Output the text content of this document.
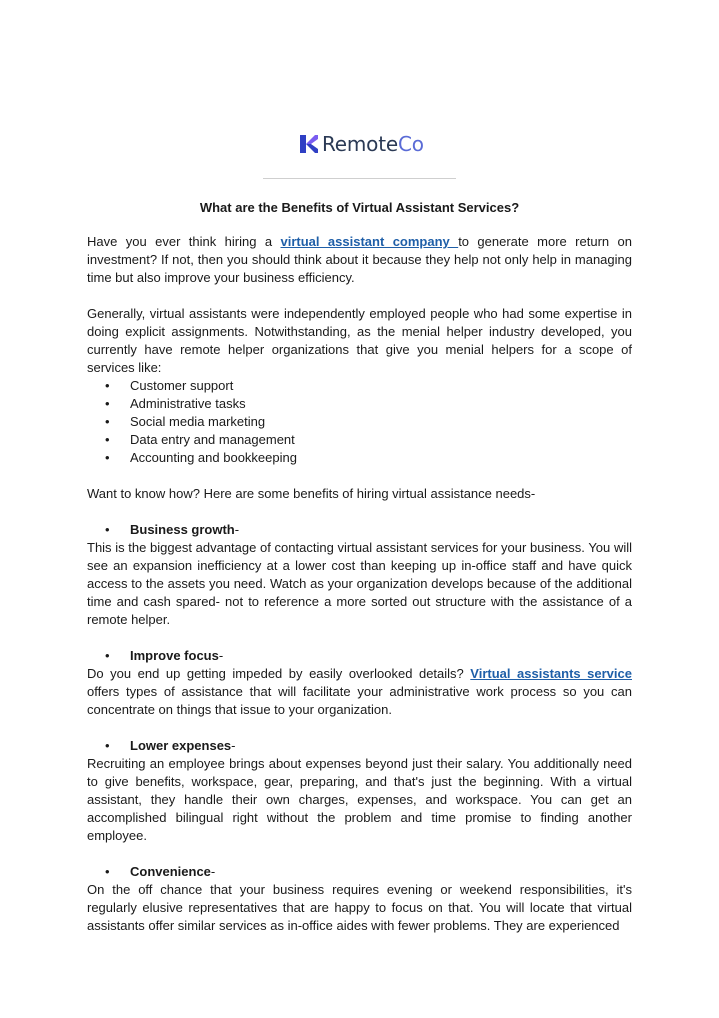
RemoteCo
What are the Benefits of Virtual Assistant Services?

Have you ever think hiring a virtual assistant company to generate more return on investment? If not, then you should think about it because they help not only help in managing time but also improve your business efficiency.

Generally, virtual assistants were independently employed people who had some expertise in doing explicit assignments. Notwithstanding, as the menial helper industry developed, you currently have remote helper organizations that give you menial helpers for a scope of services like:

• Customer support
• Administrative tasks
• Social media marketing
• Data entry and management
• Accounting and bookkeeping

Want to know how? Here are some benefits of hiring virtual assistance needs-

• Business growth-

This is the biggest advantage of contacting virtual assistant services for your business. You will see an expansion inefficiency at a lower cost than keeping up in-office staff and have quick access to the assets you need. Watch as your organization develops because of the additional time and cash spared- not to reference a more sorted out structure with the assistance of a remote helper.

• Improve focus-

Do you end up getting impeded by easily overlooked details? Virtual assistants service offers types of assistance that will facilitate your administrative work process so you can concentrate on things that issue to your organization.

• Lower expenses-

Recruiting an employee brings about expenses beyond just their salary. You additionally need to give benefits, workspace, gear, preparing, and that's just the beginning. With a virtual assistant, they handle their own charges, expenses, and workspace. You can get an accomplished bilingual right without the problem and time promise to finding another employee.

• Convenience-

On the off chance that your business requires evening or weekend responsibilities, it's regularly elusive representatives that are happy to focus on that. You will locate that virtual assistants offer similar services as in-office aides with fewer problems. They are experienced
